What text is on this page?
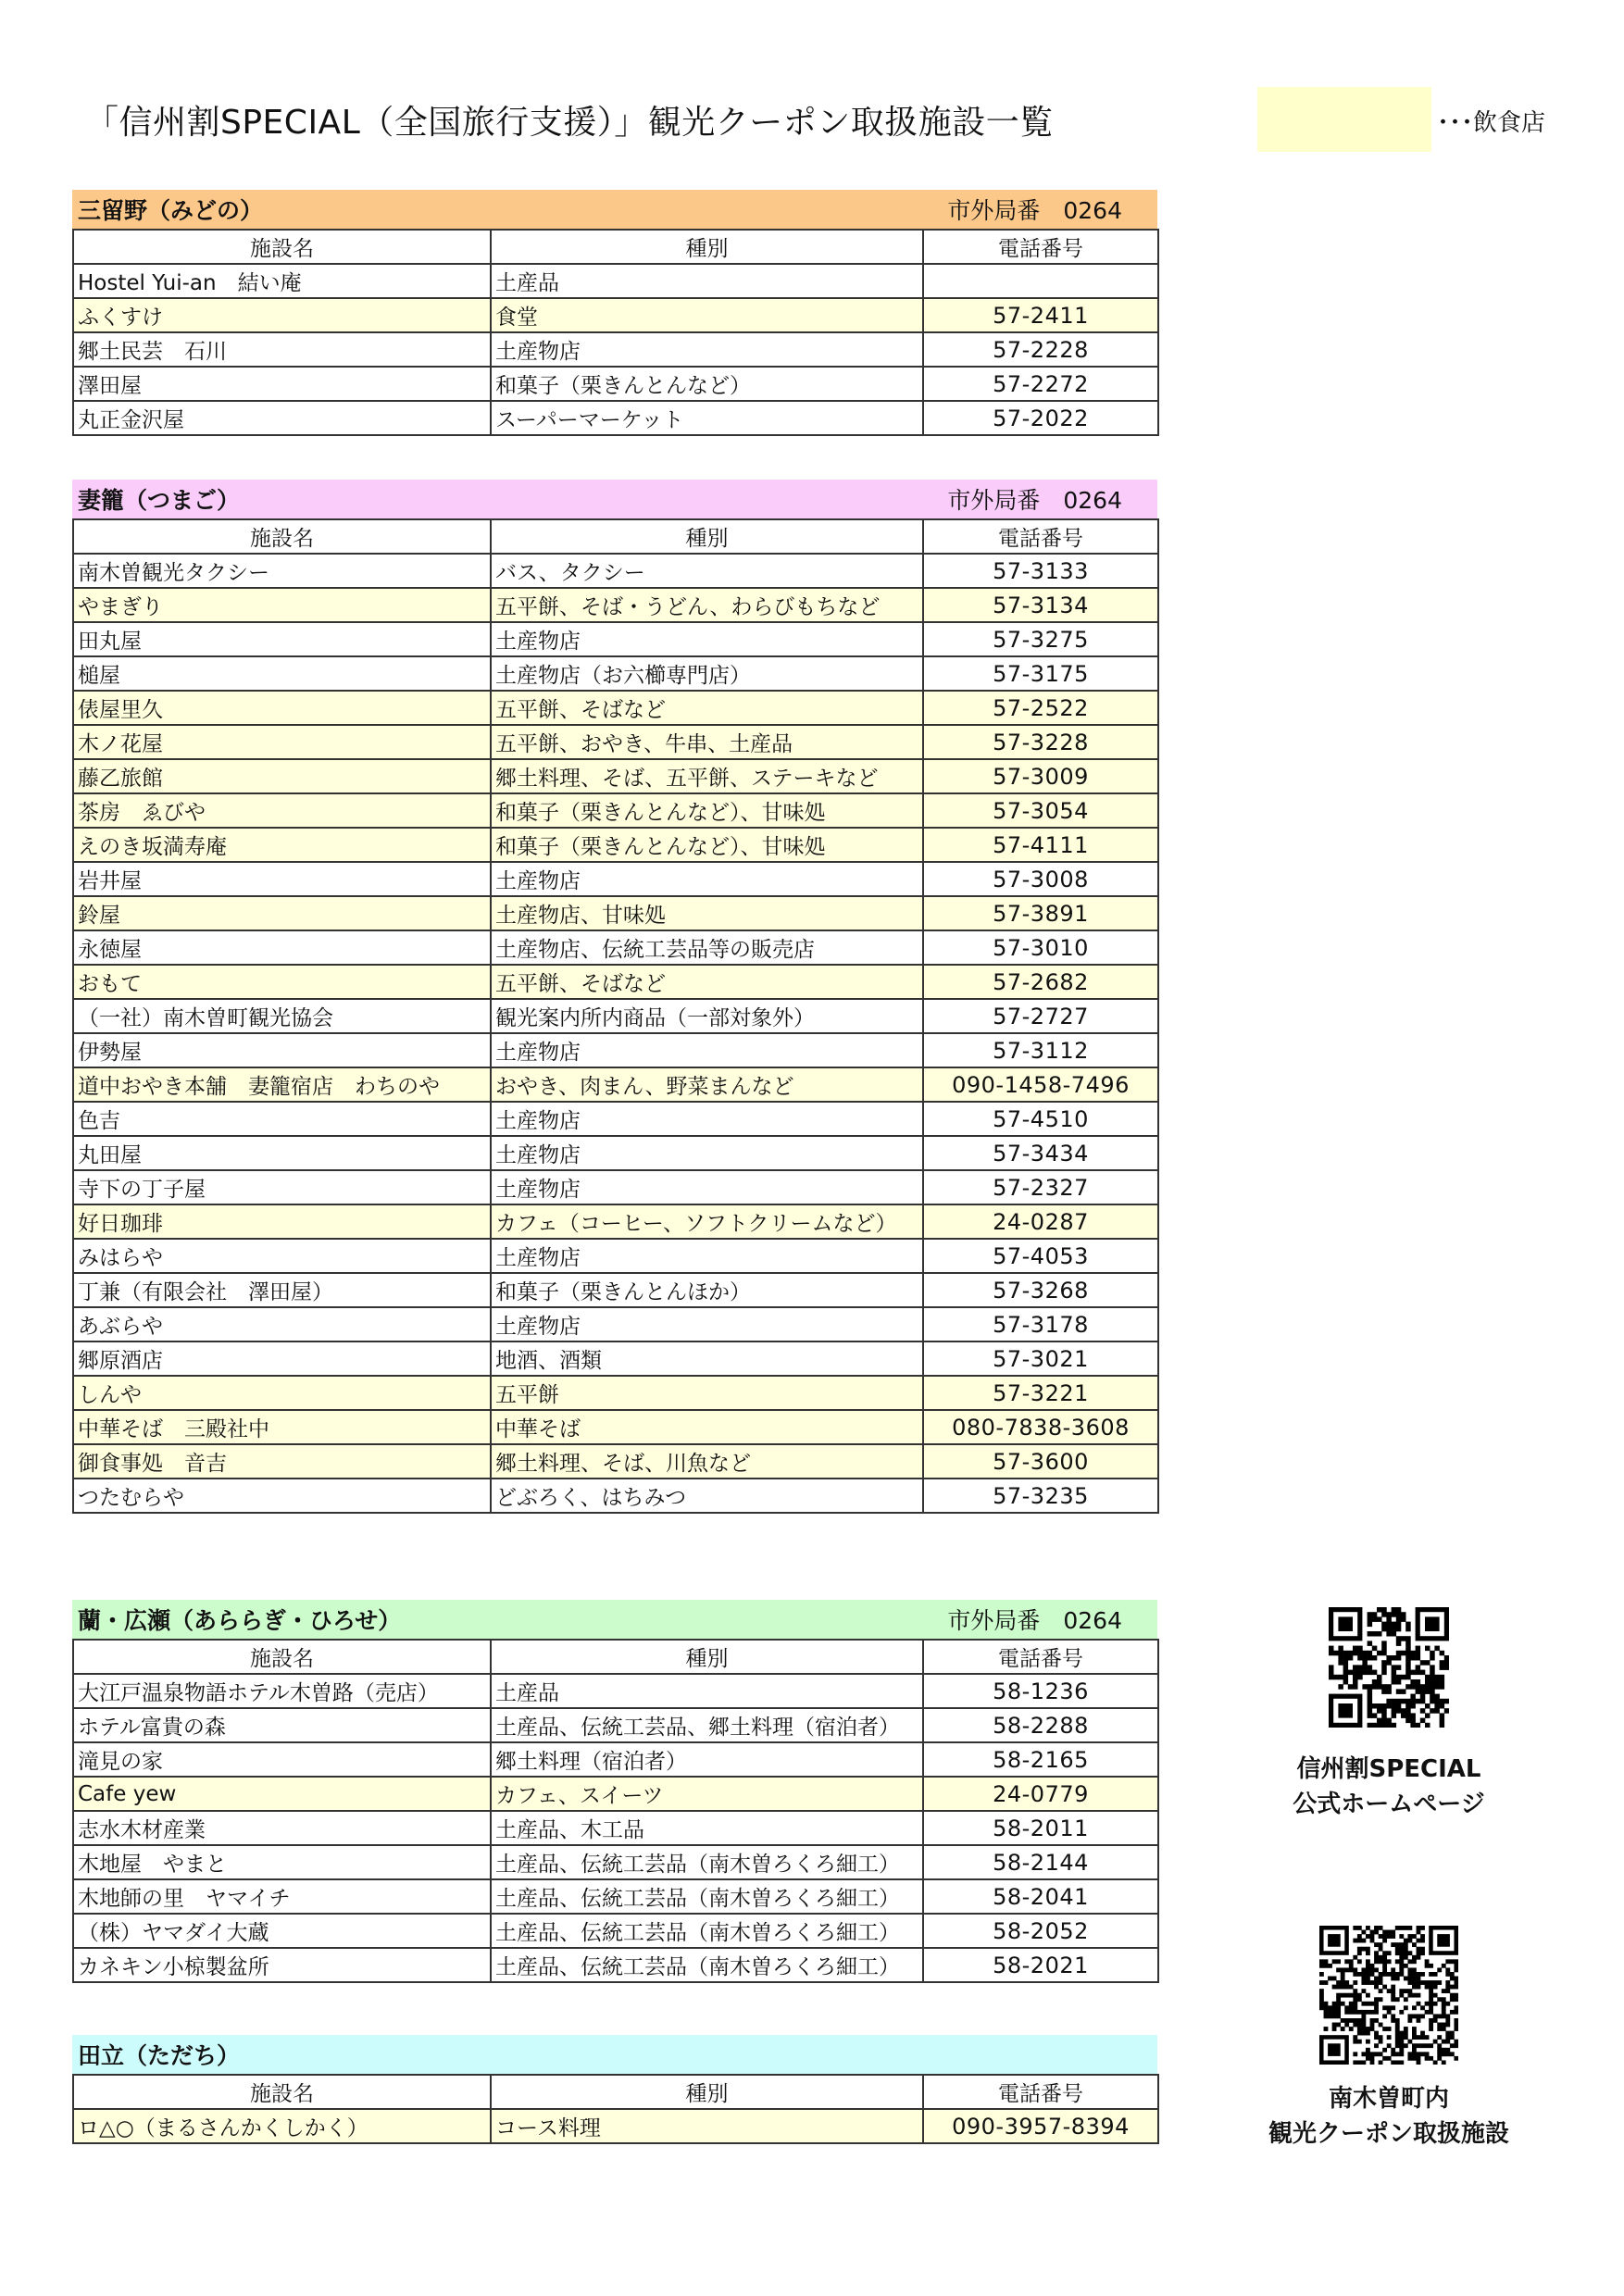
「信州割SPECIAL（全国旅行支援）」観光クーポン取扱施設一覧	･･･飲食店
三留野（みどの）	市外局番　0264
施設名	種別	電話番号
Hostel Yui-an　結い庵	土産品	
ふくすけ	食堂	57-2411
郷土民芸　石川	土産物店	57-2228
澤田屋	和菓子（栗きんとんなど）	57-2272
丸正金沢屋	スーパーマーケット	57-2022
妻籠（つまご）	市外局番　0264
施設名	種別	電話番号
南木曽観光タクシー	バス、タクシー	57-3133
やまぎり	五平餅、そば・うどん、わらびもちなど	57-3134
田丸屋	土産物店	57-3275
槌屋	土産物店（お六櫛専門店）	57-3175
俵屋里久	五平餅、そばなど	57-2522
木ノ花屋	五平餅、おやき、牛串、土産品	57-3228
藤乙旅館	郷土料理、そば、五平餅、ステーキなど	57-3009
茶房　ゑびや	和菓子（栗きんとんなど）、甘味処	57-3054
えのき坂満寿庵	和菓子（栗きんとんなど）、甘味処	57-4111
岩井屋	土産物店	57-3008
鈴屋	土産物店、甘味処	57-3891
永徳屋	土産物店、伝統工芸品等の販売店	57-3010
おもて	五平餅、そばなど	57-2682
（一社）南木曽町観光協会	観光案内所内商品（一部対象外）	57-2727
伊勢屋	土産物店	57-3112
道中おやき本舗　妻籠宿店　わちのや	おやき、肉まん、野菜まんなど	090-1458-7496
色吉	土産物店	57-4510
丸田屋	土産物店	57-3434
寺下の丁子屋	土産物店	57-2327
好日珈琲	カフェ（コーヒー、ソフトクリームなど）	24-0287
みはらや	土産物店	57-4053
丁兼（有限会社　澤田屋）	和菓子（栗きんとんほか）	57-3268
あぶらや	土産物店	57-3178
郷原酒店	地酒、酒類	57-3021
しんや	五平餅	57-3221
中華そば　三殿社中	中華そば	080-7838-3608
御食事処　音吉	郷土料理、そば、川魚など	57-3600
つたむらや	どぶろく、はちみつ	57-3235
蘭・広瀬（あららぎ・ひろせ）	市外局番　0264
施設名	種別	電話番号
大江戸温泉物語ホテル木曽路（売店）	土産品	58-1236
ホテル富貴の森	土産品、伝統工芸品、郷土料理（宿泊者）	58-2288
滝見の家	郷土料理（宿泊者）	58-2165
Cafe yew	カフェ、スイーツ	24-0779
志水木材産業	土産品、木工品	58-2011
木地屋　やまと	土産品、伝統工芸品（南木曽ろくろ細工）	58-2144
木地師の里　ヤマイチ	土産品、伝統工芸品（南木曽ろくろ細工）	58-2041
（株）ヤマダイ大蔵	土産品、伝統工芸品（南木曽ろくろ細工）	58-2052
カネキン小椋製盆所	土産品、伝統工芸品（南木曽ろくろ細工）	58-2021
田立（ただち）
施設名	種別	電話番号
ロ△○（まるさんかくしかく）	コース料理	090-3957-8394
信州割SPECIAL
公式ホームページ
南木曽町内
観光クーポン取扱施設
